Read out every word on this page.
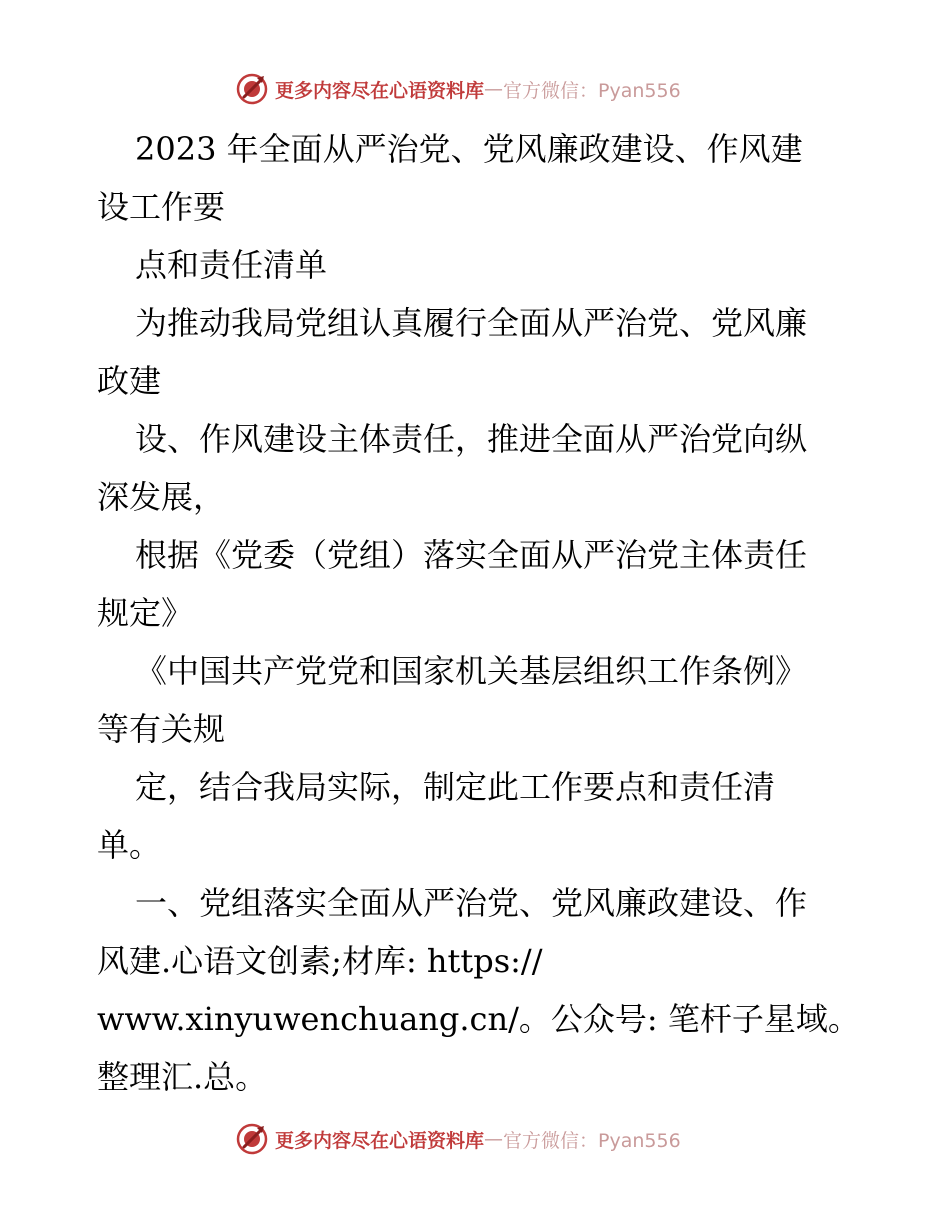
更多内容尽在心语资料库 — 官方微信：Pyan556
2023 年全面从严治党、党风廉政建设、作风建
设工作要
点和责任清单
为推动我局党组认真履行全面从严治党、党风廉
政建
设、作风建设主体责任，推进全面从严治党向纵
深发展，
根据《党委（党组）落实全面从严治党主体责任
规定》
《中国共产党党和国家机关基层组织工作条例》
等有关规
定，结合我局实际，制定此工作要点和责任清
单。
一、党组落实全面从严治党、党风廉政建设、作
风建.心语文创素;材库: https://
www.xinyuwenchuang.cn/。公众号: 笔杆子星域。
整理汇.总。
更多内容尽在心语资料库 — 官方微信：Pyan556
